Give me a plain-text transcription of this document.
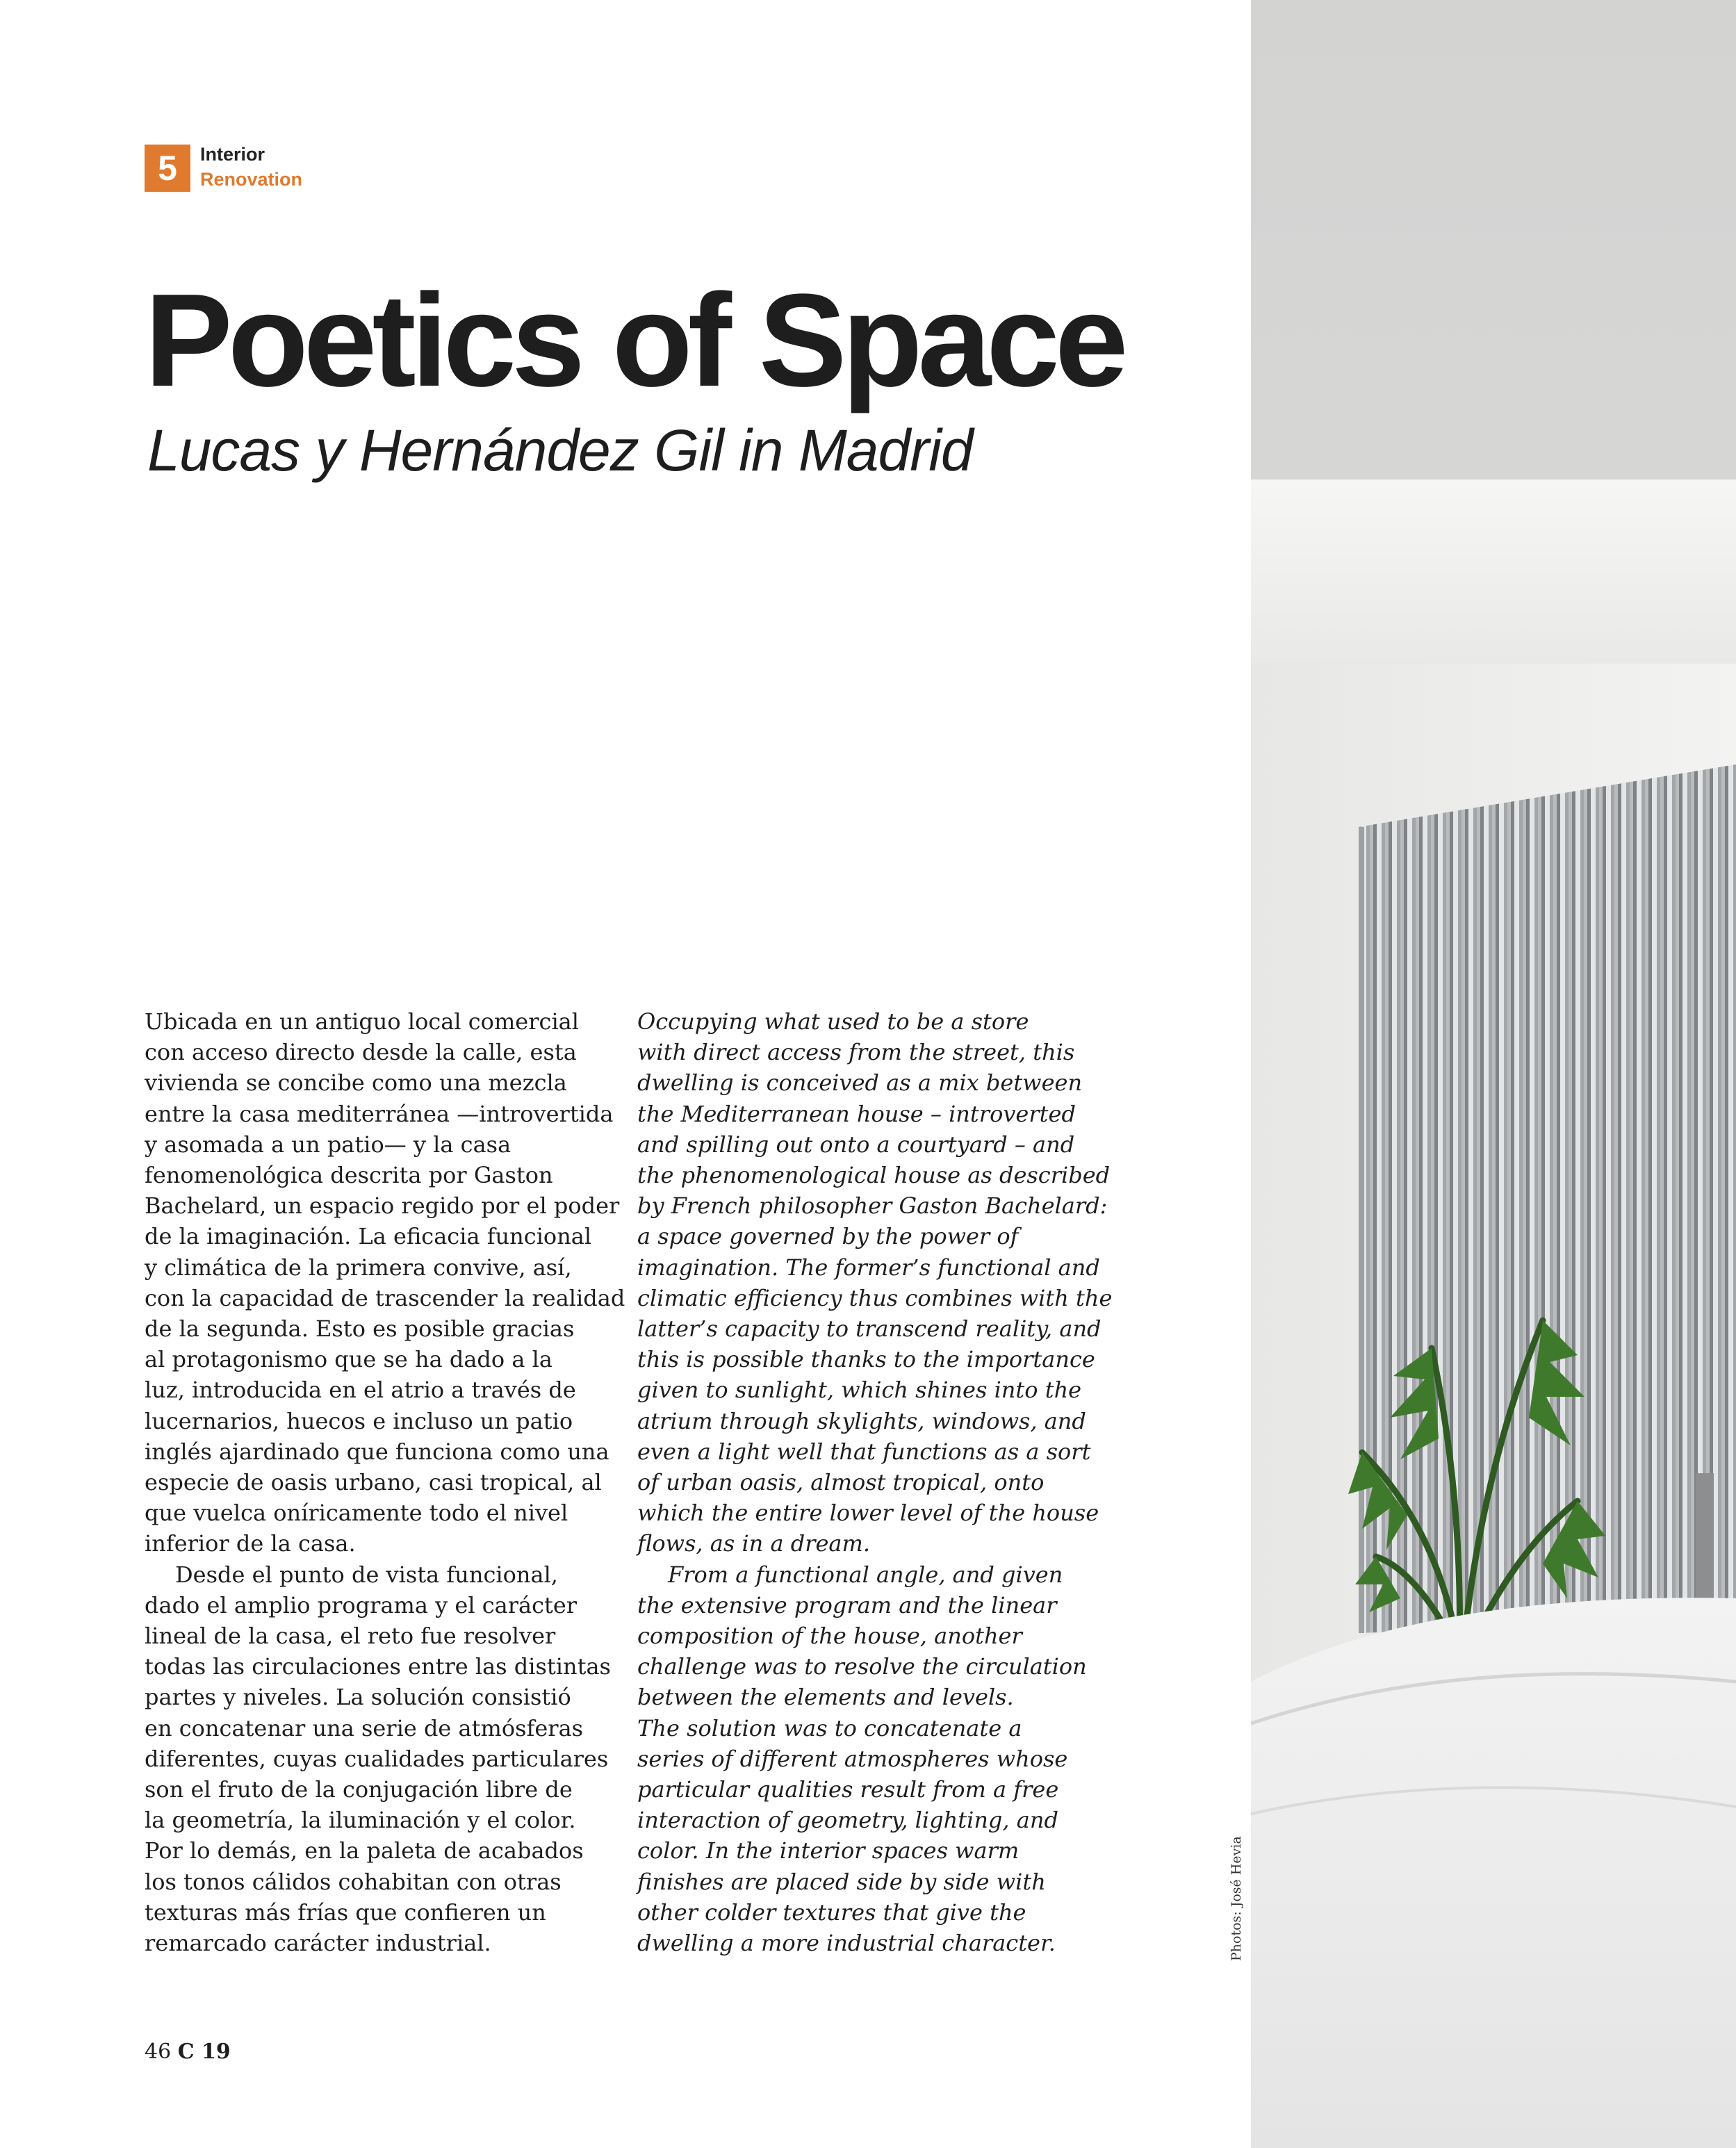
5	Interior
Renovation
Poetics of Space
Lucas y Hernández Gil in Madrid

Ubicada en un antiguo local comercial

con acceso directo desde la calle, esta

vivienda se concibe como una mezcla

entre la casa mediterránea —introvertida

y asomada a un patio— y la casa

fenomenológica descrita por Gaston

Bachelard, un espacio regido por el poder

de la imaginación. La eficacia funcional

y climática de la primera convive, así,

con la capacidad de trascender la realidad

de la segunda. Esto es posible gracias

al protagonismo que se ha dado a la

luz, introducida en el atrio a través de

lucernarios, huecos e incluso un patio

inglés ajardinado que funciona como una

especie de oasis urbano, casi tropical, al

que vuelca oníricamente todo el nivel

inferior de la casa.

Desde el punto de vista funcional,

dado el amplio programa y el carácter

lineal de la casa, el reto fue resolver

todas las circulaciones entre las distintas

partes y niveles. La solución consistió

en concatenar una serie de atmósferas

diferentes, cuyas cualidades particulares

son el fruto de la conjugación libre de

la geometría, la iluminación y el color.

Por lo demás, en la paleta de acabados

los tonos cálidos cohabitan con otras

texturas más frías que confieren un

remarcado carácter industrial.

Occupying what used to be a store

with direct access from the street, this

dwelling is conceived as a mix between

the Mediterranean house – introverted

and spilling out onto a courtyard – and

the phenomenological house as described

by French philosopher Gaston Bachelard:

a space governed by the power of

imagination. The former’s functional and

climatic efficiency thus combines with the

latter’s capacity to transcend reality, and

this is possible thanks to the importance

given to sunlight, which shines into the

atrium through skylights, windows, and

even a light well that functions as a sort

of urban oasis, almost tropical, onto

which the entire lower level of the house

flows, as in a dream.

From a functional angle, and given

the extensive program and the linear

composition of the house, another

challenge was to resolve the circulation

between the elements and levels.

The solution was to concatenate a

series of different atmospheres whose

particular qualities result from a free

interaction of geometry, lighting, and

color. In the interior spaces warm

finishes are placed side by side with

other colder textures that give the

dwelling a more industrial character.

46 C 19
Photos: José Hevia
